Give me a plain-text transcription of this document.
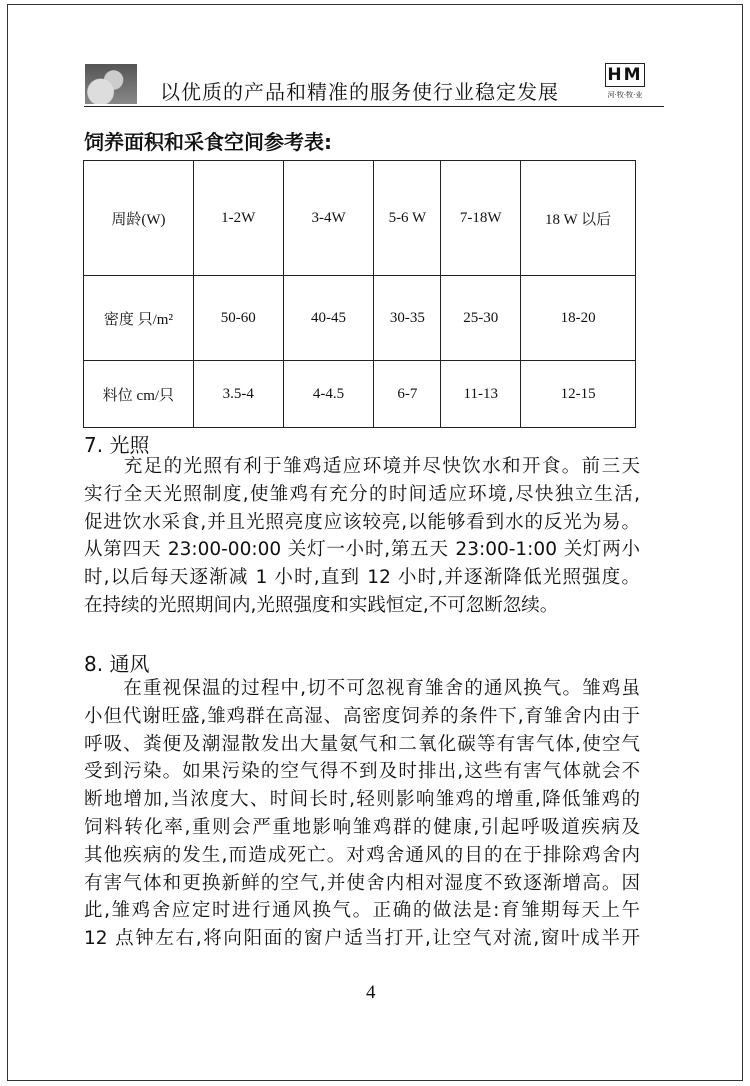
以优质的产品和精准的服务使行业稳定发展
HM
河·牧·牧·业
饲养面积和采食空间参考表:
周龄(W)	1-2W	3-4W	5-6 W	7-18W	18 W 以后
密度 只/m²	50-60	40-45	30-35	25-30	18-20
料位 cm/只	3.5-4	4-4.5	6-7	11-13	12-15
7. 光照
　　充足的光照有利于雏鸡适应环境并尽快饮水和开食。前三天
实行全天光照制度,使雏鸡有充分的时间适应环境,尽快独立生活,
促进饮水采食,并且光照亮度应该较亮,以能够看到水的反光为易。
从第四天 23:00-00:00 关灯一小时,第五天 23:00-1:00 关灯两小
时,以后每天逐渐减 1 小时,直到 12 小时,并逐渐降低光照强度。
在持续的光照期间内,光照强度和实践恒定,不可忽断忽续。
8. 通风
　　在重视保温的过程中,切不可忽视育雏舍的通风换气。雏鸡虽
小但代谢旺盛,雏鸡群在高湿、高密度饲养的条件下,育雏舍内由于
呼吸、粪便及潮湿散发出大量氨气和二氧化碳等有害气体,使空气
受到污染。如果污染的空气得不到及时排出,这些有害气体就会不
断地增加,当浓度大、时间长时,轻则影响雏鸡的增重,降低雏鸡的
饲料转化率,重则会严重地影响雏鸡群的健康,引起呼吸道疾病及
其他疾病的发生,而造成死亡。对鸡舍通风的目的在于排除鸡舍内
有害气体和更换新鲜的空气,并使舍内相对湿度不致逐渐增高。因
此,雏鸡舍应定时进行通风换气。正确的做法是:育雏期每天上午
12 点钟左右,将向阳面的窗户适当打开,让空气对流,窗叶成半开
4
